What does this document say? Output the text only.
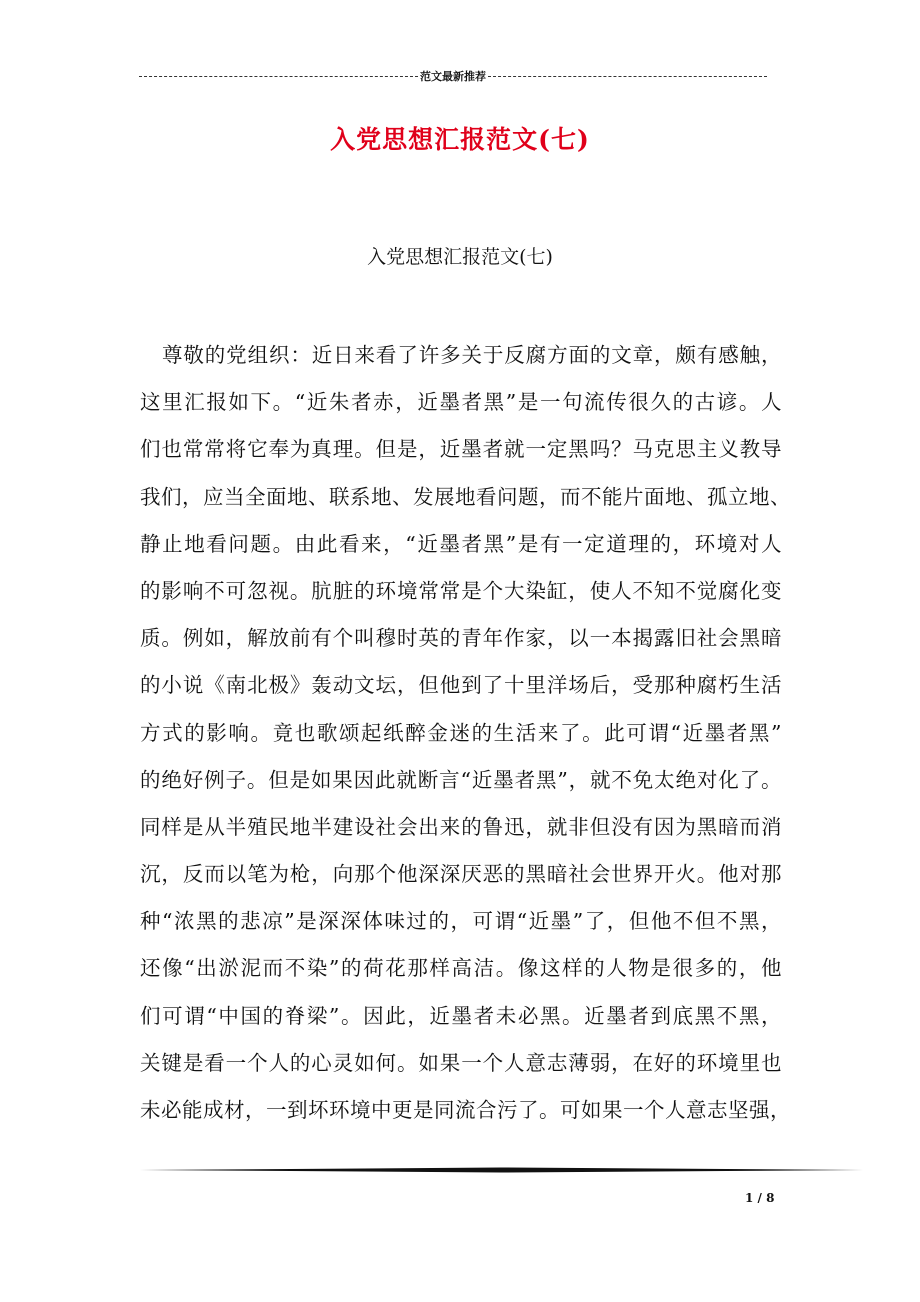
范文最新推荐
入党思想汇报范文(七)
入党思想汇报范文(七)
尊敬的党组织：近日来看了许多关于反腐方面的文章，颇有感触，
这里汇报如下。“近朱者赤，近墨者黑”是一句流传很久的古谚。人
们也常常将它奉为真理。但是，近墨者就一定黑吗？马克思主义教导
我们，应当全面地、联系地、发展地看问题，而不能片面地、孤立地、
静止地看问题。由此看来，“近墨者黑”是有一定道理的，环境对人
的影响不可忽视。肮脏的环境常常是个大染缸，使人不知不觉腐化变
质。例如，解放前有个叫穆时英的青年作家，以一本揭露旧社会黑暗
的小说《南北极》轰动文坛，但他到了十里洋场后，受那种腐朽生活
方式的影响。竟也歌颂起纸醉金迷的生活来了。此可谓“近墨者黑”
的绝好例子。但是如果因此就断言“近墨者黑”，就不免太绝对化了。
同样是从半殖民地半建设社会出来的鲁迅，就非但没有因为黑暗而消
沉，反而以笔为枪，向那个他深深厌恶的黑暗社会世界开火。他对那
种“浓黑的悲凉”是深深体味过的，可谓“近墨”了，但他不但不黑，
还像“出淤泥而不染”的荷花那样高洁。像这样的人物是很多的，他
们可谓“中国的脊梁”。因此，近墨者未必黑。近墨者到底黑不黑，
关键是看一个人的心灵如何。如果一个人意志薄弱，在好的环境里也
未必能成材，一到坏环境中更是同流合污了。可如果一个人意志坚强，
1 / 8
